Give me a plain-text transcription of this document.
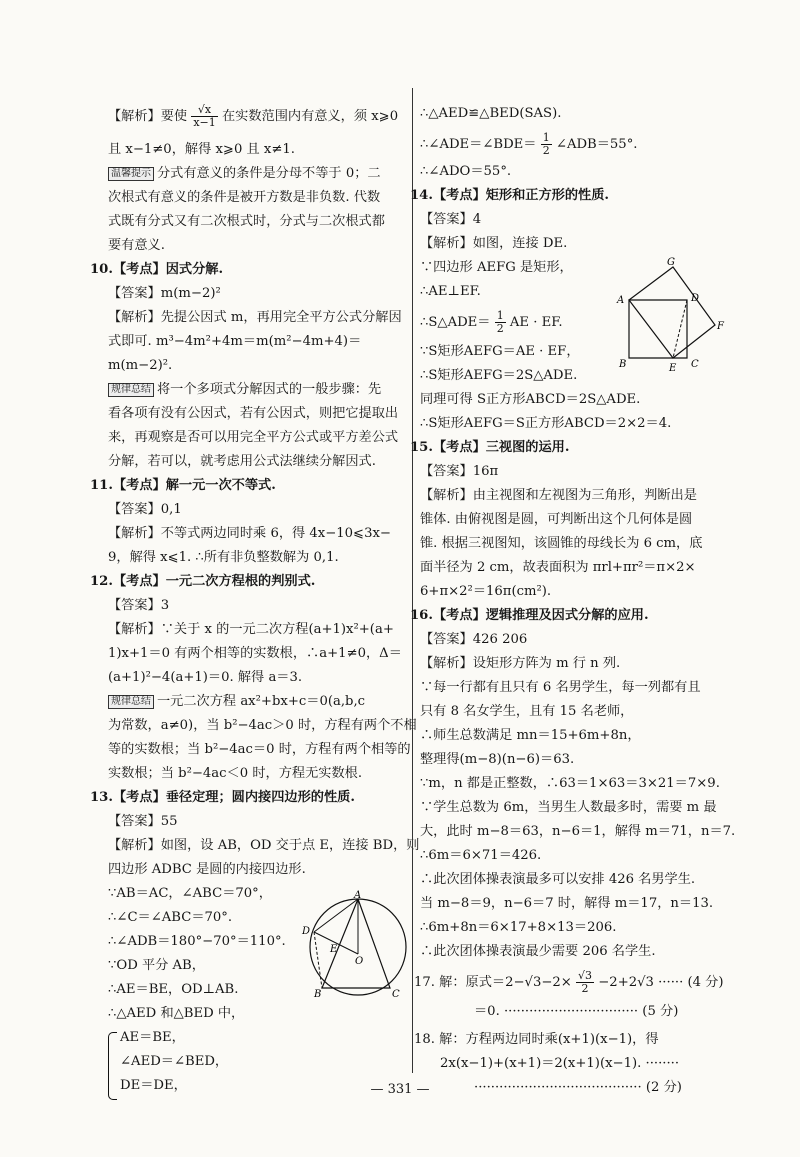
【解析】要使 $\frac{√x}{x-1}$ 在实数范围内有意义，须 x⩾0
且 x−1≠0，解得 x⩾0 且 x≠1.
温馨提示 分式有意义的条件是分母不等于 0；二
次根式有意义的条件是被开方数是非负数. 代数
式既有分式又有二次根式时，分式与二次根式都
要有意义.
10.【考点】因式分解.
【答案】m(m−2)²
【解析】先提公因式 m，再用完全平方公式分解因
式即可. m³−4m²+4m＝m(m²−4m+4)＝
m(m−2)².
规律总结 将一个多项式分解因式的一般步骤：先
看各项有没有公因式，若有公因式，则把它提取出
来，再观察是否可以用完全平方公式或平方差公式
分解，若可以，就考虑用公式法继续分解因式.
11.【考点】解一元一次不等式.
【答案】0,1
【解析】不等式两边同时乘 6，得 4x−10⩽3x−
9，解得 x⩽1. ∴所有非负整数解为 0,1.
12.【考点】一元二次方程根的判别式.
【答案】3
【解析】∵关于 x 的一元二次方程(a+1)x²+(a+
1)x+1＝0 有两个相等的实数根，∴a+1≠0，Δ＝
(a+1)²−4(a+1)＝0. 解得 a＝3.
规律总结 一元二次方程 ax²+bx+c＝0(a,b,c
为常数，a≠0)，当 b²−4ac＞0 时，方程有两个不相
等的实数根；当 b²−4ac＝0 时，方程有两个相等的
实数根；当 b²−4ac＜0 时，方程无实数根.
13.【考点】垂径定理；圆内接四边形的性质.
【答案】55
【解析】如图，设 AB，OD 交于点 E，连接 BD，则
四边形 ADBC 是圆的内接四边形.
∵AB＝AC，∠ABC＝70°，
∴∠C＝∠ABC＝70°.
∴∠ADB＝180°−70°＝110°.
∵OD 平分 AB，
∴AE＝BE，OD⊥AB.
∴△AED 和△BED 中，
AE＝BE，
∠AED＝∠BED，
DE＝DE，
A
B	C
D
E
O
∴△AED≌△BED(SAS).
∴∠ADE＝∠BDE＝ $\frac{1}{2}$ ∠ADB＝55°.
∴∠ADO＝55°.
14.【考点】矩形和正方形的性质.
【答案】4
【解析】如图，连接 DE.
∵四边形 AEFG 是矩形，
∴AE⊥EF.
∴S△ADE＝ $\frac{1}{2}$ AE · EF.
∵S矩形AEFG＝AE · EF，
∴S矩形AEFG＝2S△ADE.
同理可得 S正方形ABCD＝2S△ADE.
∴S矩形AEFG＝S正方形ABCD＝2×2＝4.
15.【考点】三视图的运用.
【答案】16π
【解析】由主视图和左视图为三角形，判断出是
锥体. 由俯视图是圆，可判断出这个几何体是圆
锥. 根据三视图知，该圆锥的母线长为 6 cm，底
面半径为 2 cm，故表面积为 πrl+πr²＝π×2×
6+π×2²＝16π(cm²).
16.【考点】逻辑推理及因式分解的应用.
【答案】426 206
【解析】设矩形方阵为 m 行 n 列.
∵每一行都有且只有 6 名男学生，每一列都有且
只有 8 名女学生，且有 15 名老师，
∴师生总数满足 mn＝15+6m+8n，
整理得(m−8)(n−6)＝63.
∵m，n 都是正整数，∴63＝1×63＝3×21＝7×9.
∵学生总数为 6m，当男生人数最多时，需要 m 最
大，此时 m−8＝63，n−6＝1，解得 m＝71，n＝7.
∴6m＝6×71＝426.
∴此次团体操表演最多可以安排 426 名男学生.
当 m−8＝9，n−6＝7 时，解得 m＝17，n＝13.
∴6m+8n＝6×17+8×13＝206.
∴此次团体操表演最少需要 206 名学生.
17. 解：原式$=2-√3-2\times \frac{√3}{2} -2+2√3$ ······ (4 分)
＝0. ································ (5 分)
18. 解：方程两边同时乘(x+1)(x−1)，得
2x(x−1)+(x+1)＝2(x+1)(x−1). ········
········································ (2 分)
G
A	D
F
B	E C
— 331 —
